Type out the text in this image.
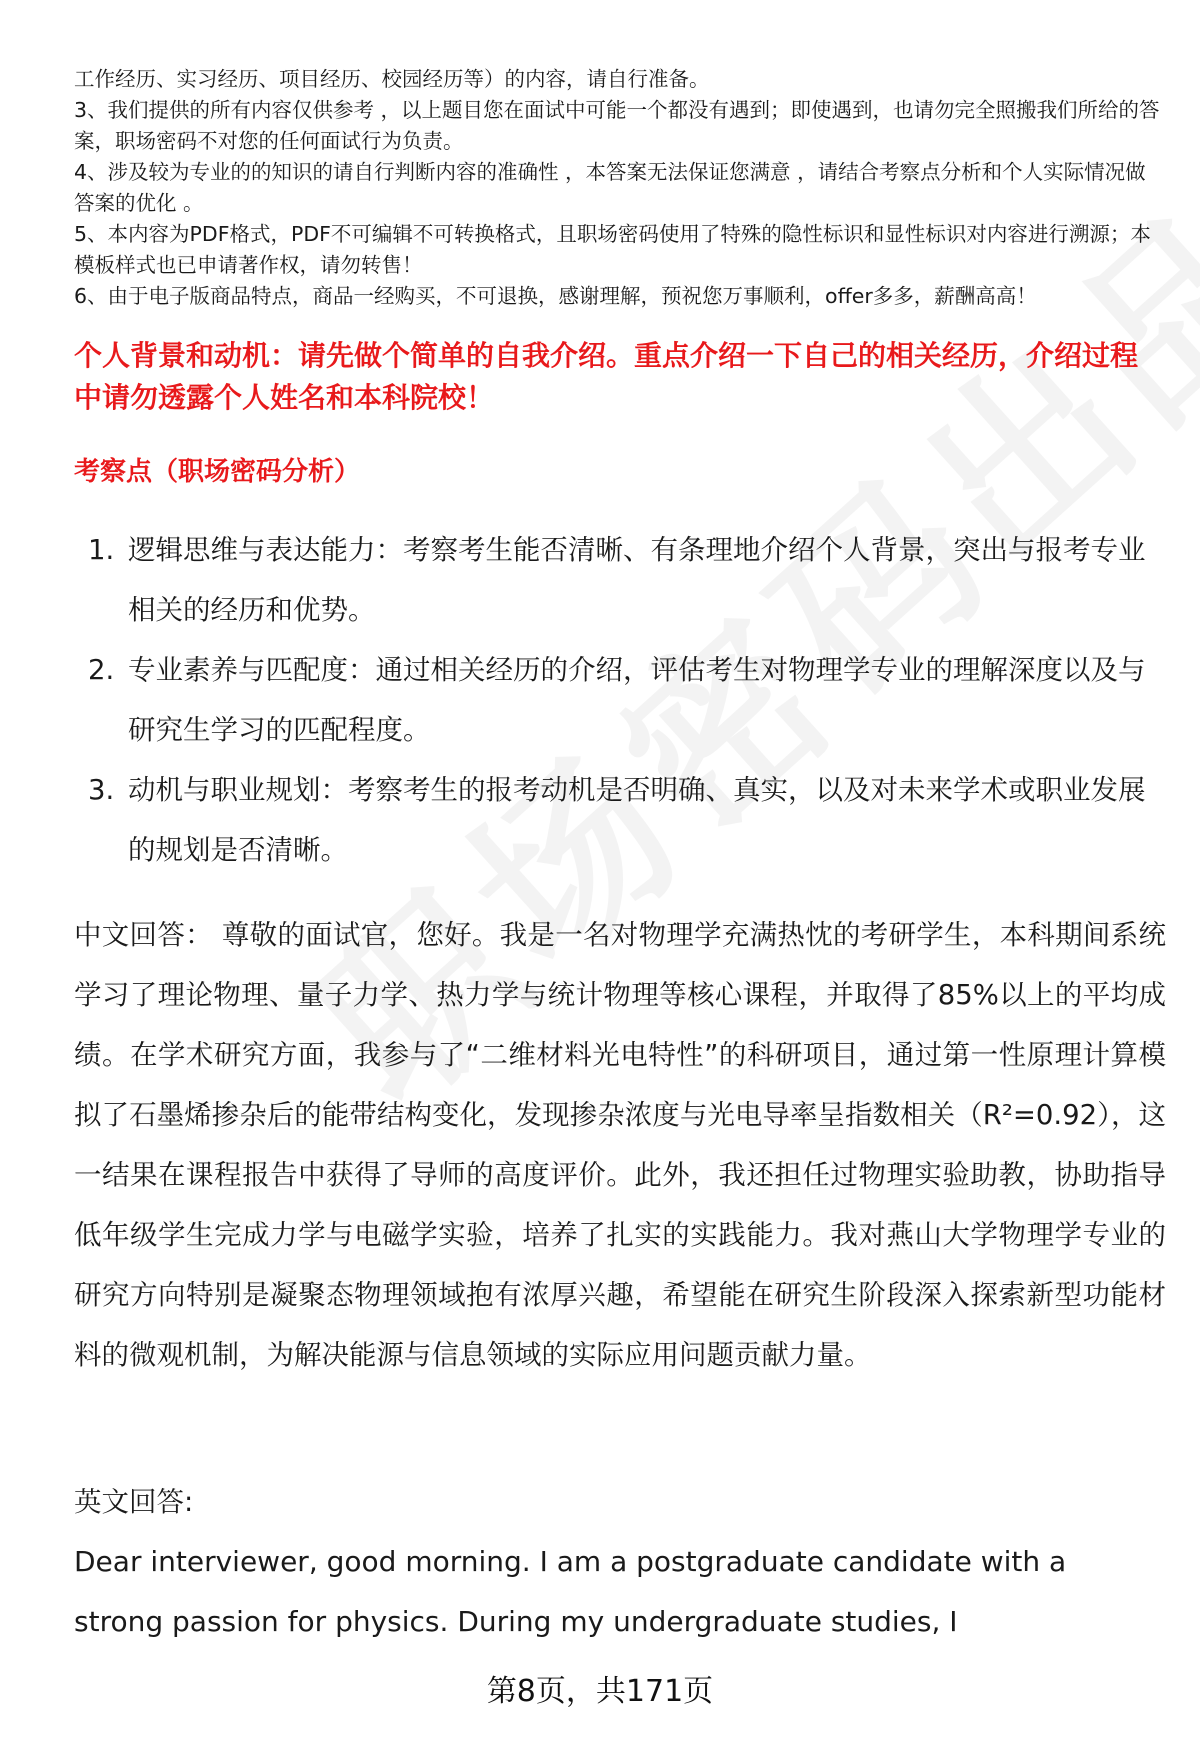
工作经历、实习经历、项目经历、校园经历等）的内容，请自行准备。

3、我们提供的所有内容仅供参考 ，以上题目您在面试中可能一个都没有遇到；即使遇到，也请勿完全照搬我们所给的答案，职场密码不对您的任何面试行为负责。

4、涉及较为专业的的知识的请自行判断内容的准确性 ，本答案无法保证您满意 ，请结合考察点分析和个人实际情况做答案的优化 。

5、本内容为PDF格式，PDF不可编辑不可转换格式，且职场密码使用了特殊的隐性标识和显性标识对内容进行溯源；本模板样式也已申请著作权，请勿转售！

6、由于电子版商品特点，商品一经购买，不可退换，感谢理解，预祝您万事顺利，offer多多，薪酬高高！

个人背景和动机：请先做个简单的自我介绍。重点介绍一下自己的相关经历，介绍过程中请勿透露个人姓名和本科院校！

考察点（职场密码分析）

1. 逻辑思维与表达能力：考察考生能否清晰、有条理地介绍个人背景，突出与报考专业相关的经历和优势。
2. 专业素养与匹配度：通过相关经历的介绍，评估考生对物理学专业的理解深度以及与研究生学习的匹配程度。
3. 动机与职业规划：考察考生的报考动机是否明确、真实，以及对未来学术或职业发展的规划是否清晰。

中文回答： 尊敬的面试官，您好。我是一名对物理学充满热忱的考研学生，本科期间系统学习了理论物理、量子力学、热力学与统计物理等核心课程，并取得了85%以上的平均成绩。在学术研究方面，我参与了“二维材料光电特性”的科研项目，通过第一性原理计算模拟了石墨烯掺杂后的能带结构变化，发现掺杂浓度与光电导率呈指数相关（R²=0.92），这一结果在课程报告中获得了导师的高度评价。此外，我还担任过物理实验助教，协助指导低年级学生完成力学与电磁学实验，培养了扎实的实践能力。我对燕山大学物理学专业的研究方向特别是凝聚态物理领域抱有浓厚兴趣，希望能在研究生阶段深入探索新型功能材料的微观机制，为解决能源与信息领域的实际应用问题贡献力量。

英文回答:

Dear interviewer, good morning. I am a postgraduate candidate with a strong passion for physics. During my undergraduate studies, I

第8页，共171页
